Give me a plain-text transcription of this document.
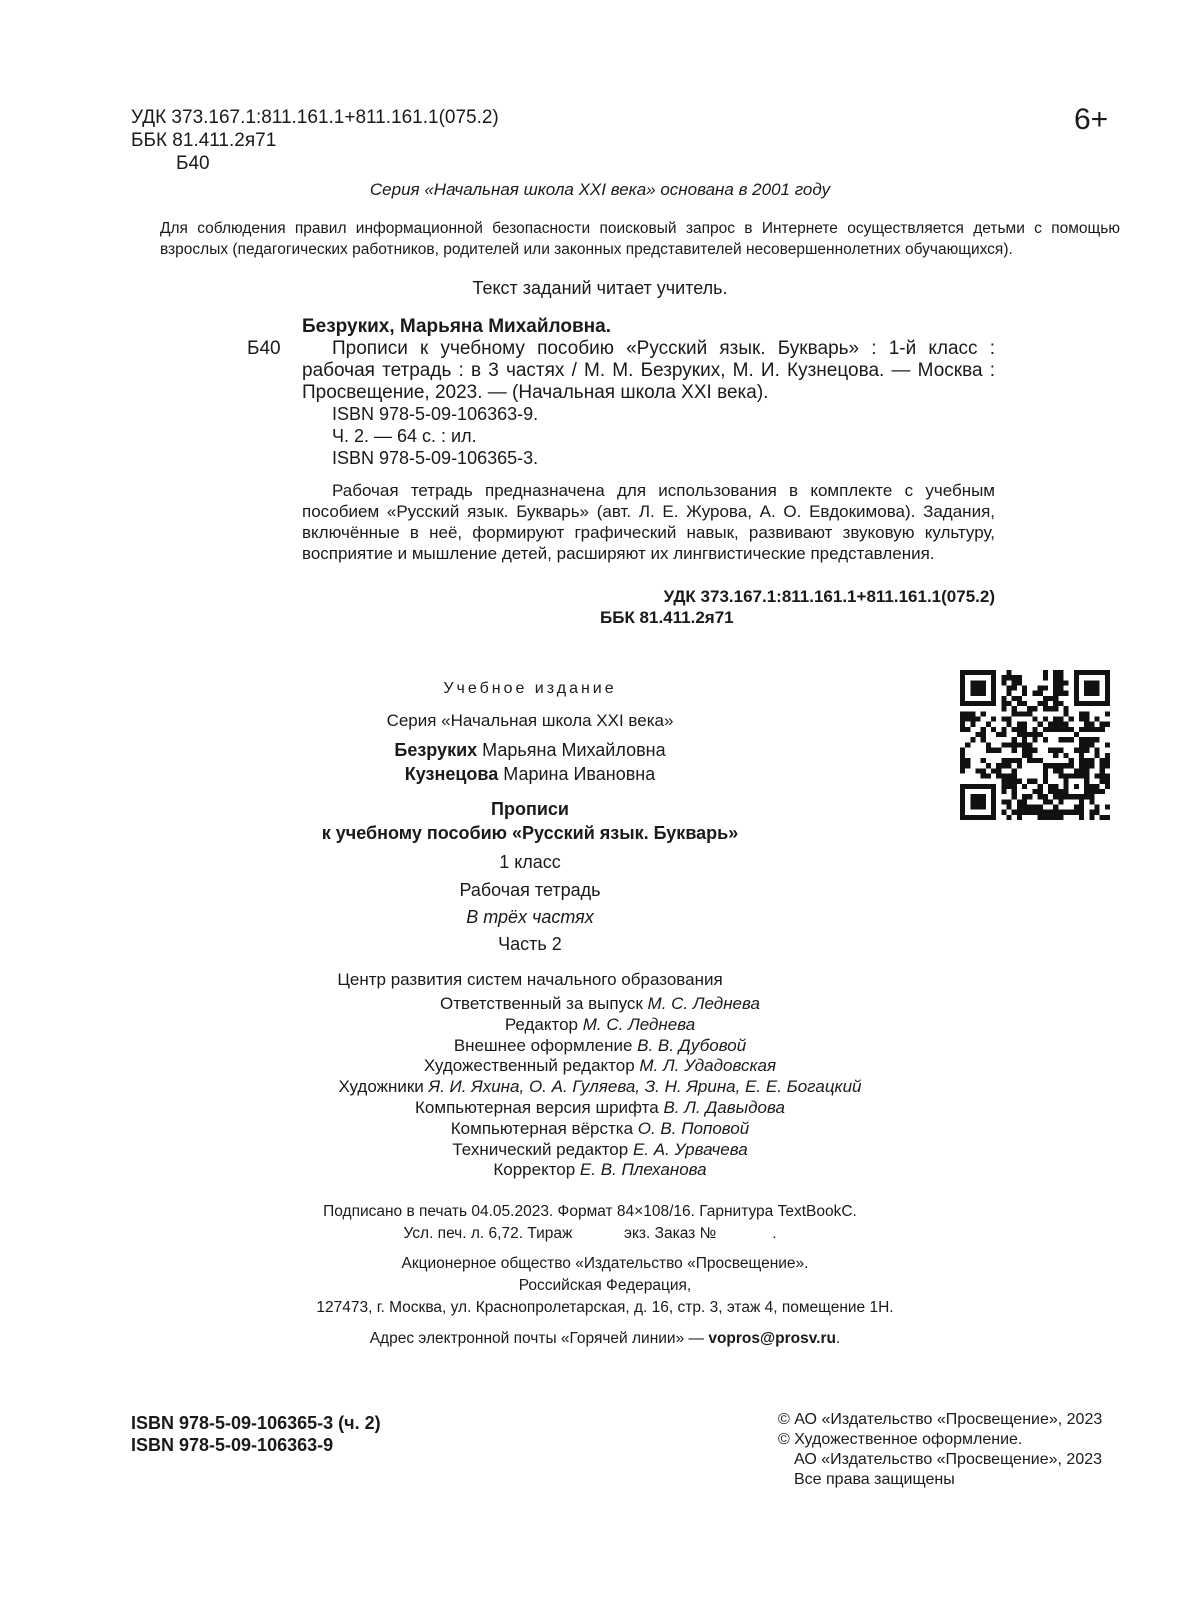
УДК 373.167.1:811.161.1+811.161.1(075.2)
ББК 81.411.2я71
Б40
6+
Серия «Начальная школа XXI века» основана в 2001 году
Для соблюдения правил информационной безопасности поисковый запрос в Интернете осуществляется детьми с помощью взрослых (педагогических работников, родителей или законных представителей несовершеннолетних обучающихся).
Текст заданий читает учитель.
Б40
Безруких, Марьяна Михайловна.
Прописи к учебному пособию «Русский язык. Букварь» : 1-й класс : рабочая тетрадь : в 3 частях / М. М. Безруких, М. И. Кузнецова. — Москва : Просвещение, 2023. — (Начальная школа XXI века).
ISBN 978-5-09-106363-9.
Ч. 2. — 64 с. : ил.
ISBN 978-5-09-106365-3.
Рабочая тетрадь предназначена для использования в комплекте с учебным пособием «Русский язык. Букварь» (авт. Л. Е. Журова, А. О. Евдокимова). Задания, включённые в неё, формируют графический навык, развивают звуковую культуру, восприятие и мышление детей, расширяют их лингвистические представления.
УДК 373.167.1:811.161.1+811.161.1(075.2)
ББК 81.411.2я71
Учебное издание
Серия «Начальная школа XXI века»
Безруких Марьяна Михайловна
Кузнецова Марина Ивановна
Прописи
к учебному пособию «Русский язык. Букварь»
1 класс
Рабочая тетрадь
В трёх частях
Часть 2
Центр развития систем начального образования
Ответственный за выпуск М. С. Леднева
Редактор М. С. Леднева
Внешнее оформление В. В. Дубовой
Художественный редактор М. Л. Удадовская
Художники Я. И. Яхина, О. А. Гуляева, З. Н. Ярина, Е. Е. Богацкий
Компьютерная версия шрифта В. Л. Давыдова
Компьютерная вёрстка О. В. Поповой
Технический редактор Е. А. Урвачева
Корректор Е. В. Плеханова
Подписано в печать 04.05.2023. Формат 84×108/16. Гарнитура TextBookC.
Усл. печ. л. 6,72. Тираж            экз. Заказ №             .
Акционерное общество «Издательство «Просвещение».
Российская Федерация,
127473, г. Москва, ул. Краснопролетарская, д. 16, стр. 3, этаж 4, помещение 1Н.
Адрес электронной почты «Горячей линии» — vopros@prosv.ru.
ISBN 978-5-09-106365-3 (ч. 2)
ISBN 978-5-09-106363-9
© АО «Издательство «Просвещение», 2023
© Художественное оформление.
АО «Издательство «Просвещение», 2023
Все права защищены
